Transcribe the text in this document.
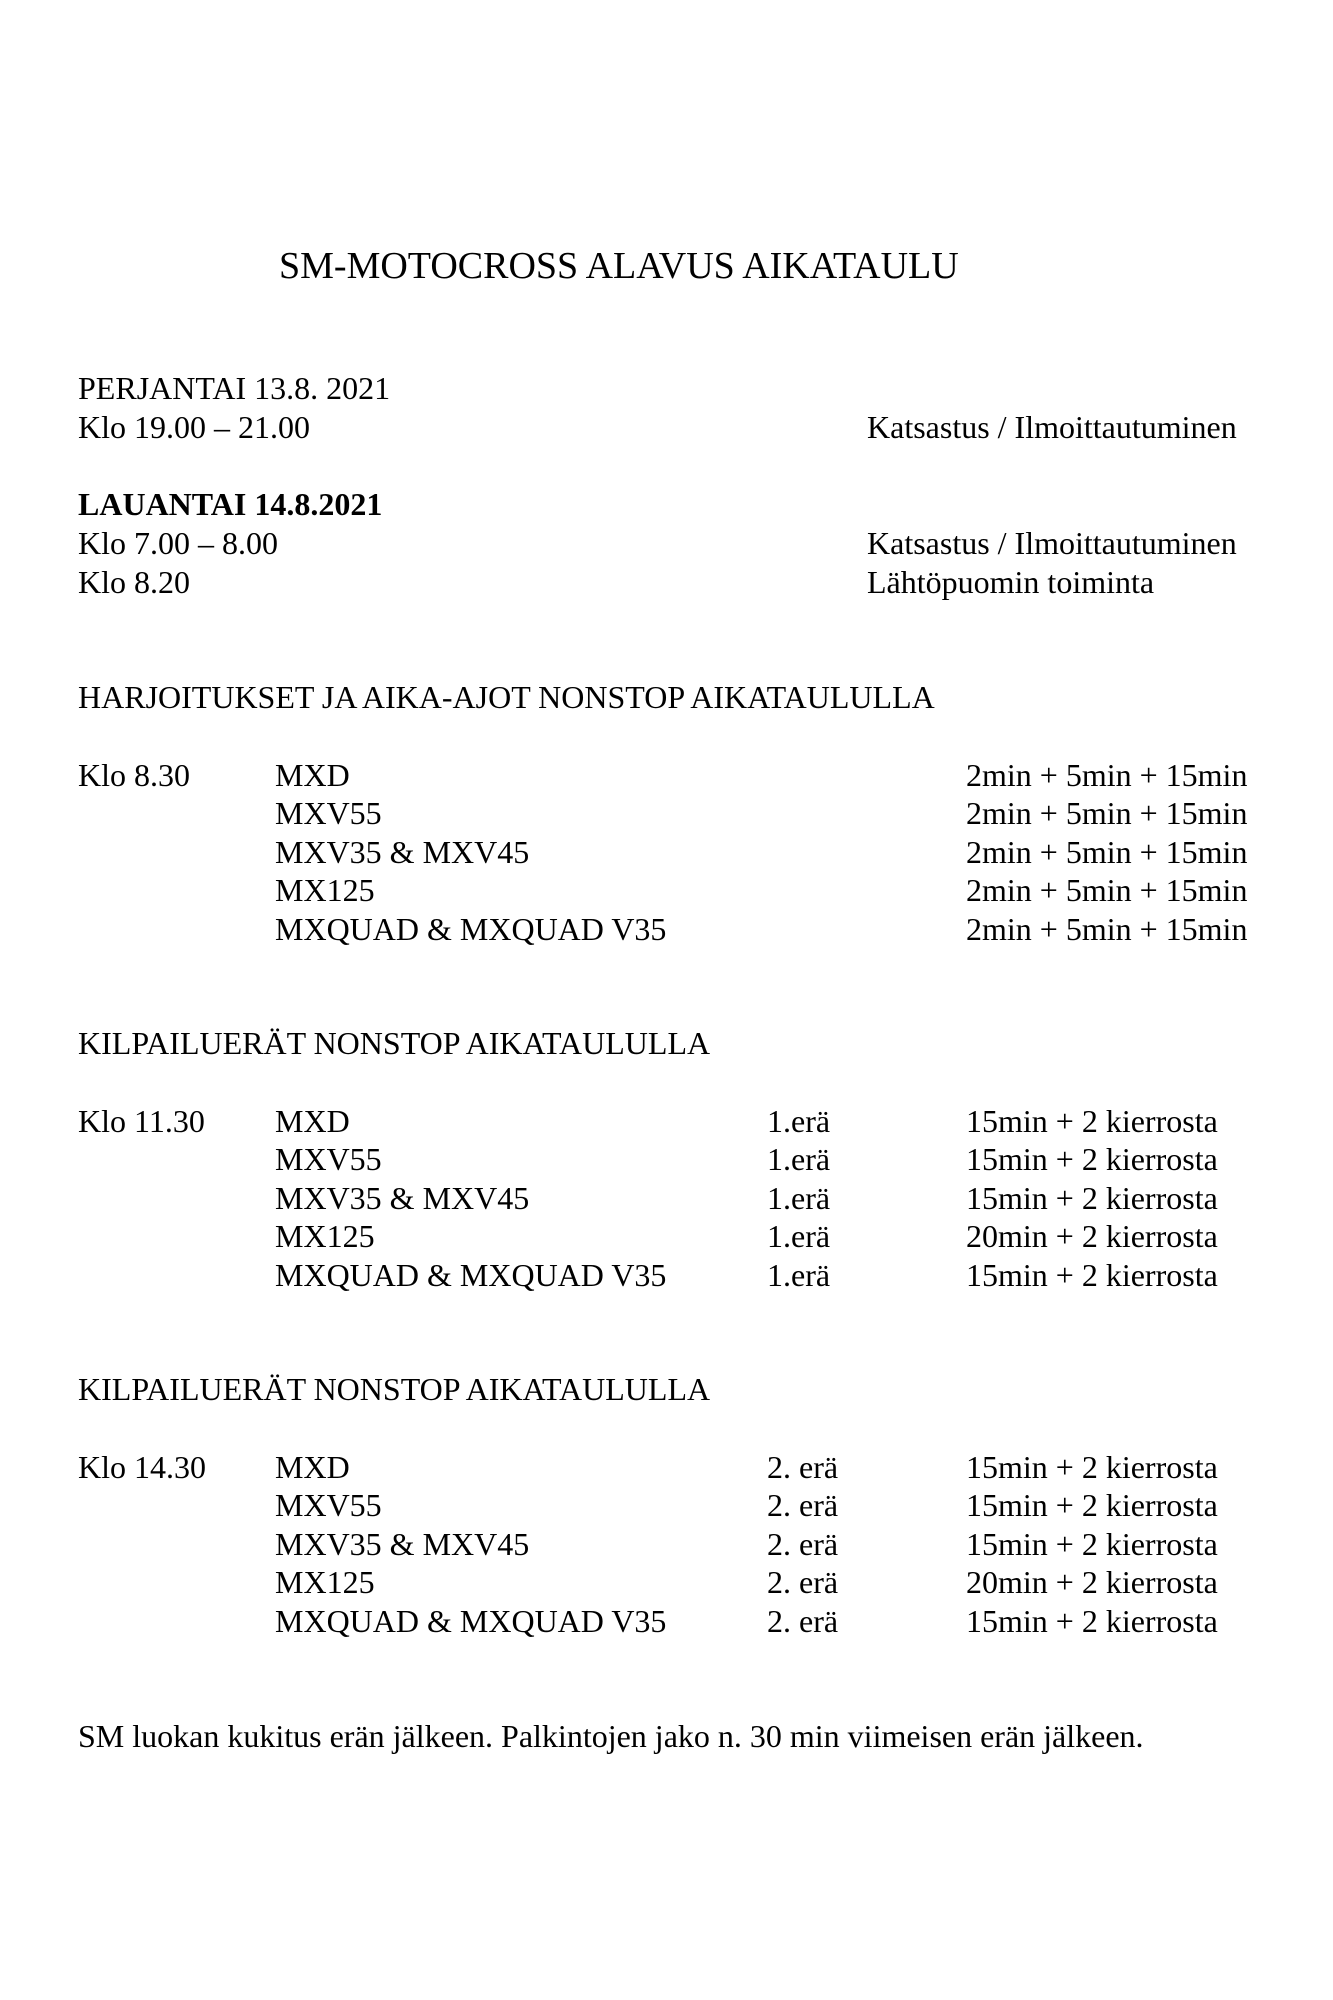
SM-MOTOCROSS ALAVUS AIKATAULU
PERJANTAI 13.8. 2021
Klo 19.00 – 21.00	Katsastus / Ilmoittautuminen
LAUANTAI 14.8.2021
Klo 7.00 – 8.00	Katsastus / Ilmoittautuminen
Klo 8.20	Lähtöpuomin toiminta
HARJOITUKSET JA AIKA-AJOT NONSTOP AIKATAULULLA
Klo 8.30	MXD	2min + 5min + 15min
MXV55	2min + 5min + 15min
MXV35 & MXV45	2min + 5min + 15min
MX125	2min + 5min + 15min
MXQUAD & MXQUAD V35	2min + 5min + 15min
KILPAILUERÄT NONSTOP AIKATAULULLA
Klo 11.30 MXD	1.erä	15min + 2 kierrosta
MXV55	1.erä	15min + 2 kierrosta
MXV35 & MXV45	1.erä	15min + 2 kierrosta
MX125	1.erä	20min + 2 kierrosta
MXQUAD & MXQUAD V35	1.erä	15min + 2 kierrosta
KILPAILUERÄT NONSTOP AIKATAULULLA
Klo 14.30 MXD	2. erä	15min + 2 kierrosta
MXV55	2. erä	15min + 2 kierrosta
MXV35 & MXV45	2. erä	15min + 2 kierrosta
MX125	2. erä	20min + 2 kierrosta
MXQUAD & MXQUAD V35	2. erä	15min + 2 kierrosta
SM luokan kukitus erän jälkeen. Palkintojen jako n. 30 min viimeisen erän jälkeen.
